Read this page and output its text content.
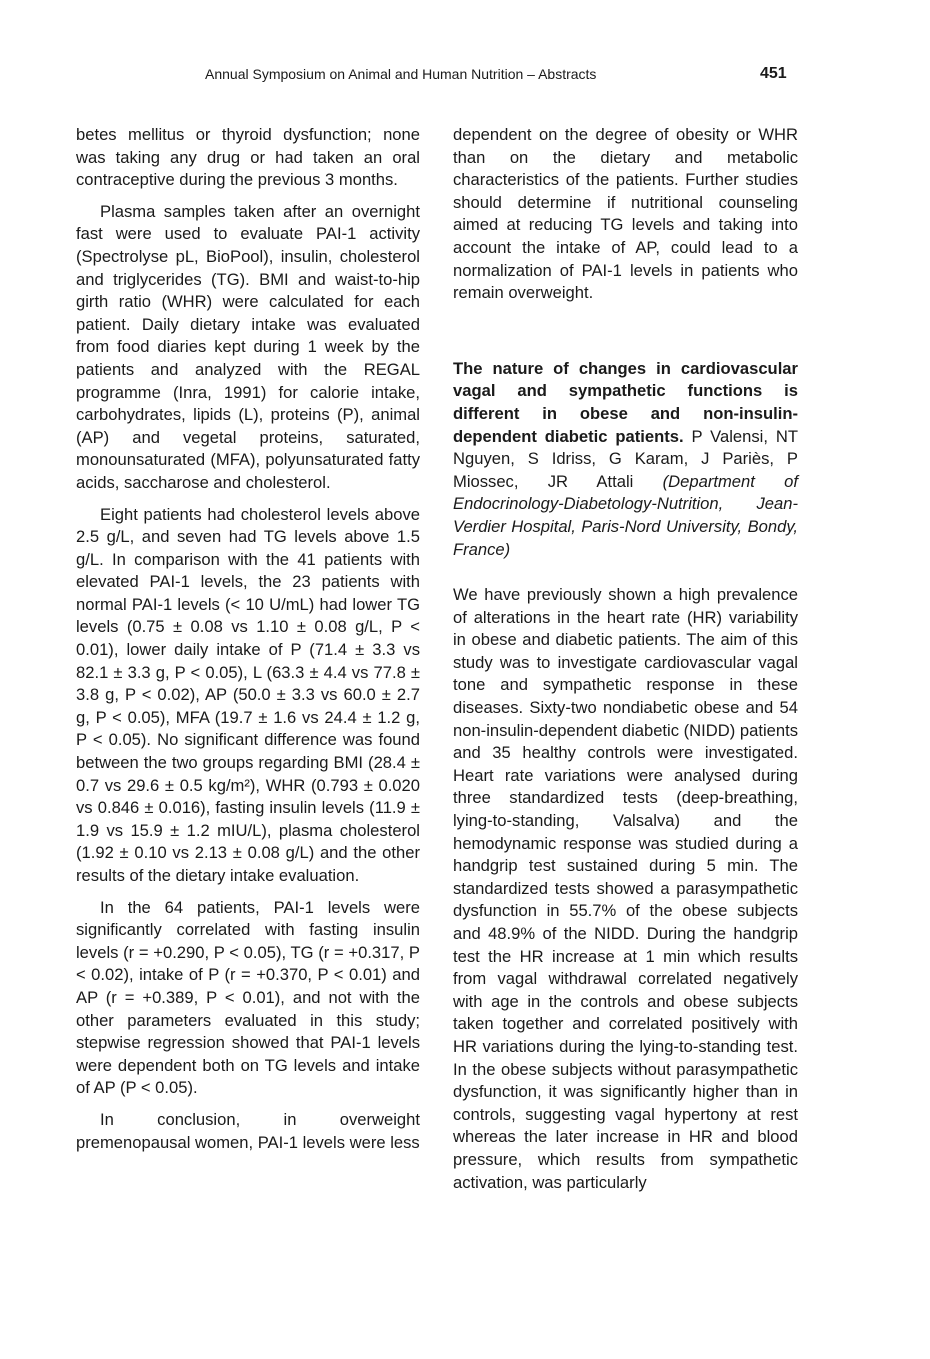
Annual Symposium on Animal and Human Nutrition – Abstracts	451

betes mellitus or thyroid dysfunction; none was taking any drug or had taken an oral contraceptive during the previous 3 months.

Plasma samples taken after an overnight fast were used to evaluate PAI-1 activity (Spectrolyse pL, BioPool), insulin, cholesterol and triglycerides (TG). BMI and waist-to-hip girth ratio (WHR) were calculated for each patient. Daily dietary intake was evaluated from food diaries kept during 1 week by the patients and analyzed with the REGAL programme (Inra, 1991) for calorie intake, carbohydrates, lipids (L), proteins (P), animal (AP) and vegetal proteins, saturated, monounsaturated (MFA), polyunsaturated fatty acids, saccharose and cholesterol.

Eight patients had cholesterol levels above 2.5 g/L, and seven had TG levels above 1.5 g/L. In comparison with the 41 patients with elevated PAI-1 levels, the 23 patients with normal PAI-1 levels (< 10 U/mL) had lower TG levels (0.75 ± 0.08 vs 1.10 ± 0.08 g/L, P < 0.01), lower daily intake of P (71.4 ± 3.3 vs 82.1 ± 3.3 g, P < 0.05), L (63.3 ± 4.4 vs 77.8 ± 3.8 g, P < 0.02), AP (50.0 ± 3.3 vs 60.0 ± 2.7 g, P < 0.05), MFA (19.7 ± 1.6 vs 24.4 ± 1.2 g, P < 0.05). No significant difference was found between the two groups regarding BMI (28.4 ± 0.7 vs 29.6 ± 0.5 kg/m²), WHR (0.793 ± 0.020 vs 0.846 ± 0.016), fasting insulin levels (11.9 ± 1.9 vs 15.9 ± 1.2 mIU/L), plasma cholesterol (1.92 ± 0.10 vs 2.13 ± 0.08 g/L) and the other results of the dietary intake evaluation.

In the 64 patients, PAI-1 levels were significantly correlated with fasting insulin levels (r = +0.290, P < 0.05), TG (r = +0.317, P < 0.02), intake of P (r = +0.370, P < 0.01) and AP (r = +0.389, P < 0.01), and not with the other parameters evaluated in this study; stepwise regression showed that PAI-1 levels were dependent both on TG levels and intake of AP (P < 0.05).

In conclusion, in overweight premenopausal women, PAI-1 levels were less

dependent on the degree of obesity or WHR than on the dietary and metabolic characteristics of the patients. Further studies should determine if nutritional counseling aimed at reducing TG levels and taking into account the intake of AP, could lead to a normalization of PAI-1 levels in patients who remain overweight.

The nature of changes in cardiovascular vagal and sympathetic functions is different in obese and non-insulin-dependent diabetic patients. P Valensi, NT Nguyen, S Idriss, G Karam, J Pariès, P Miossec, JR Attali (Department of Endocrinology-Diabetology-Nutrition, Jean-Verdier Hospital, Paris-Nord University, Bondy, France)

We have previously shown a high prevalence of alterations in the heart rate (HR) variability in obese and diabetic patients. The aim of this study was to investigate cardiovascular vagal tone and sympathetic response in these diseases. Sixty-two nondiabetic obese and 54 non-insulin-dependent diabetic (NIDD) patients and 35 healthy controls were investigated. Heart rate variations were analysed during three standardized tests (deep-breathing, lying-to-standing, Valsalva) and the hemodynamic response was studied during a handgrip test sustained during 5 min. The standardized tests showed a parasympathetic dysfunction in 55.7% of the obese subjects and 48.9% of the NIDD. During the handgrip test the HR increase at 1 min which results from vagal withdrawal correlated negatively with age in the controls and obese subjects taken together and correlated positively with HR variations during the lying-to-standing test. In the obese subjects without parasympathetic dysfunction, it was significantly higher than in controls, suggesting vagal hypertony at rest whereas the later increase in HR and blood pressure, which results from sympathetic activation, was particularly
